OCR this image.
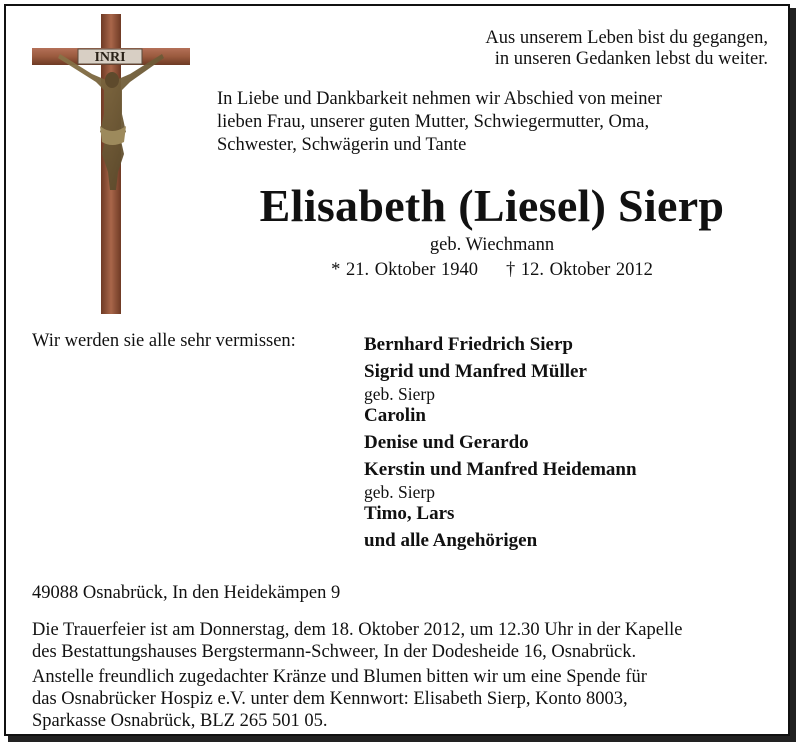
INRI
Aus unserem Leben bist du gegangen,
in unseren Gedanken lebst du weiter.

In Liebe und Dankbarkeit nehmen wir Abschied von meiner

lieben Frau, unserer guten Mutter, Schwiegermutter, Oma,

Schwester, Schwägerin und Tante

Elisabeth (Liesel) Sierp
geb. Wiechmann
* 21. Oktober 1940 † 12. Oktober 2012
Wir werden sie alle sehr vermissen:	Bernhard Friedrich Sierp
Sigrid und Manfred Müller
geb. Sierp
Carolin
Denise und Gerardo
Kerstin und Manfred Heidemann
geb. Sierp
Timo, Lars
und alle Angehörigen
49088 Osnabrück, In den Heidekämpen 9

Die Trauerfeier ist am Donnerstag, dem 18. Oktober 2012, um 12.30 Uhr in der Kapelle

des Bestattungshauses Bergstermann-Schweer, In der Dodesheide 16, Osnabrück.

Anstelle freundlich zugedachter Kränze und Blumen bitten wir um eine Spende für

das Osnabrücker Hospiz e.V. unter dem Kennwort: Elisabeth Sierp, Konto 8003,

Sparkasse Osnabrück, BLZ 265 501 05.
